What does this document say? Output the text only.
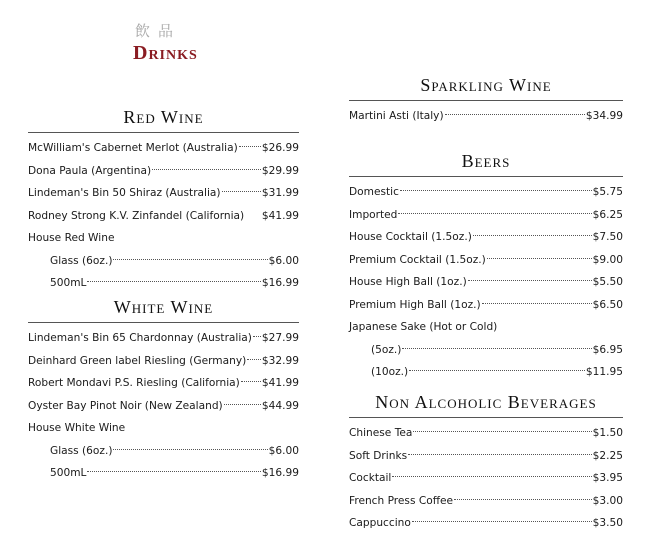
飲品
Drinks
Red Wine
McWilliam's Cabernet Merlot (Australia) $26.99
Dona Paula (Argentina)	$29.99
Lindeman's Bin 50 Shiraz (Australia)	$31.99
Rodney Strong K.V. Zinfandel (California) $41.99
House Red Wine
Glass (6oz.)	$6.00
500mL	$16.99
White Wine
Lindeman's Bin 65 Chardonnay (Australia) $27.99
Deinhard Green label Riesling (Germany) $32.99
Robert Mondavi P.S. Riesling (California) $41.99
Oyster Bay Pinot Noir (New Zealand)	$44.99
House White Wine
Glass (6oz.)	$6.00
500mL	$16.99
Sparkling Wine
Martini Asti (Italy)	$34.99
Beers
Domestic	$5.75
Imported	$6.25
House Cocktail (1.5oz.)	$7.50
Premium Cocktail (1.5oz.)	$9.00
House High Ball (1oz.)	$5.50
Premium High Ball (1oz.)	$6.50
Japanese Sake (Hot or Cold)
(5oz.)	$6.95
(10oz.)	$11.95
Non Alcoholic Beverages
Chinese Tea	$1.50
Soft Drinks	$2.25
Cocktail	$3.95
French Press Coffee	$3.00
Cappuccino	$3.50
